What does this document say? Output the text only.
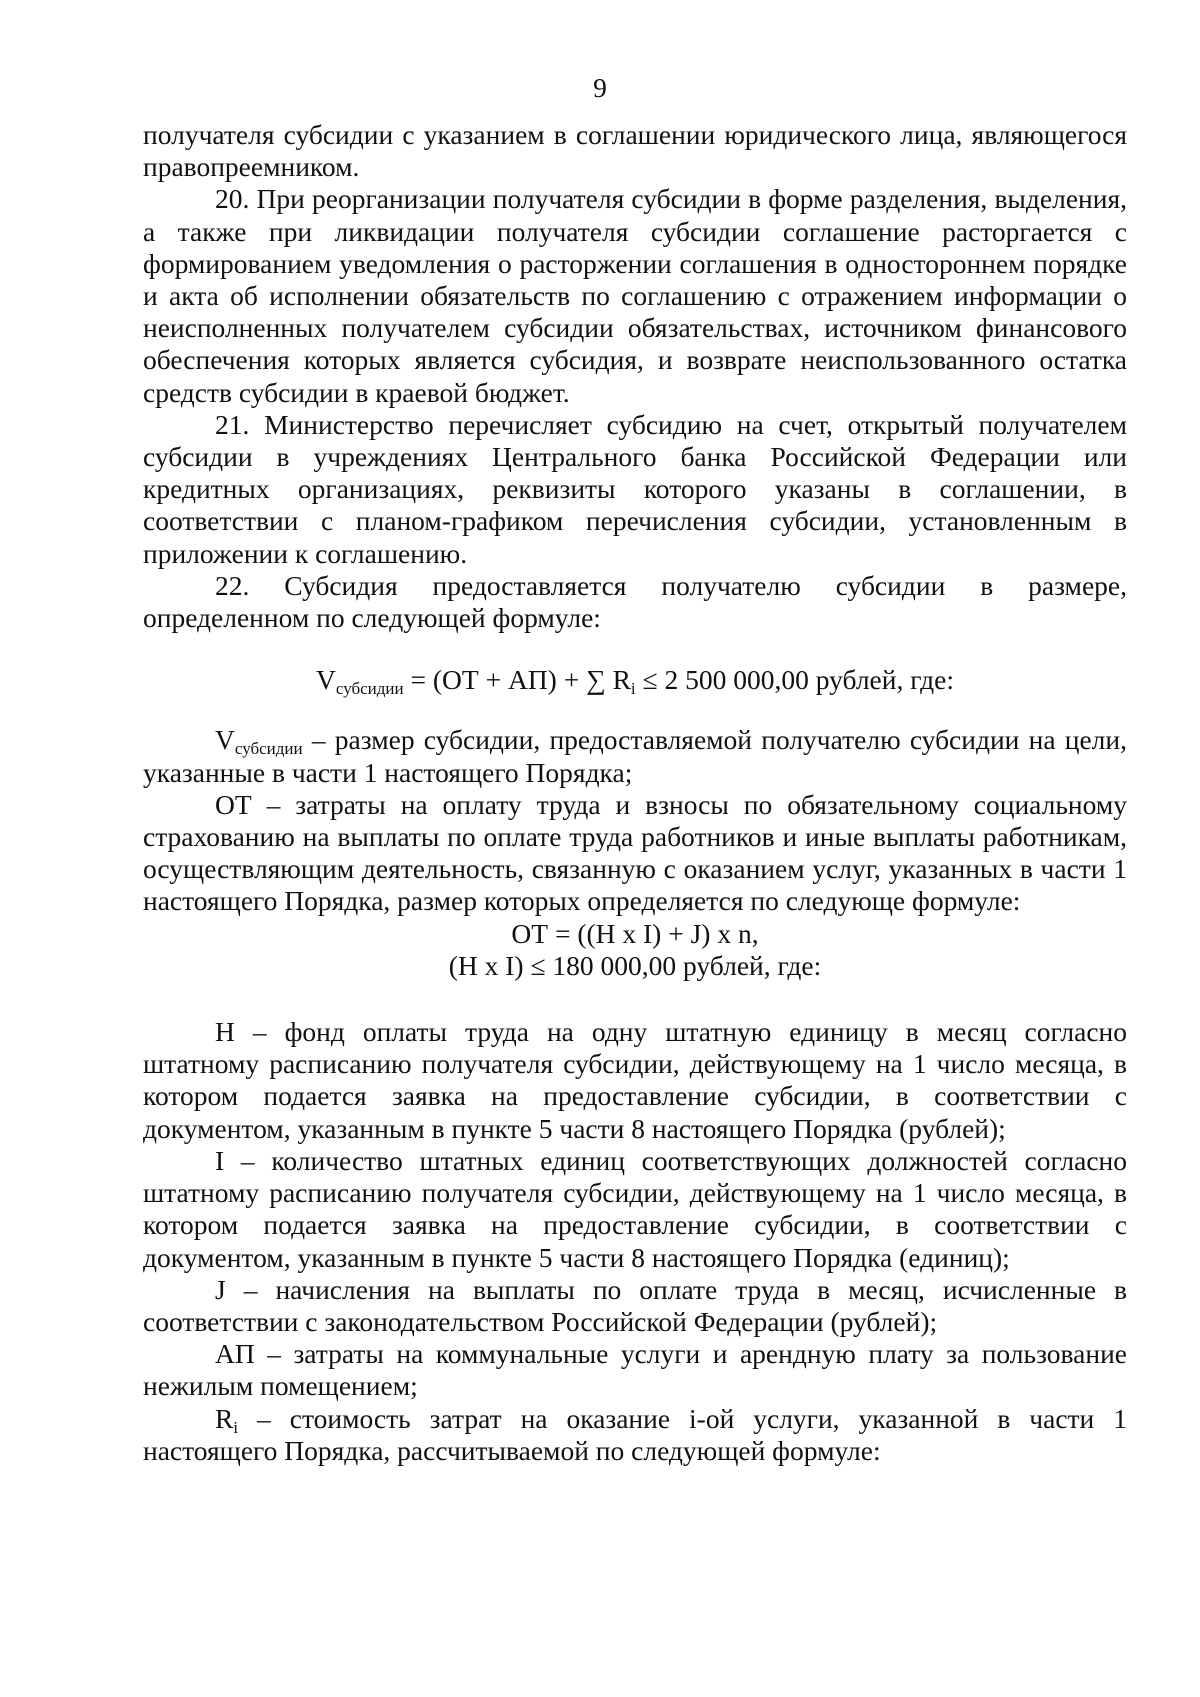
9

получателя субсидии с указанием в соглашении юридического лица, являющегося правопреемником.

20. При реорганизации получателя субсидии в форме разделения, выделения, а также при ликвидации получателя субсидии соглашение расторгается с формированием уведомления о расторжении соглашения в одностороннем порядке и акта об исполнении обязательств по соглашению с отражением информации о неисполненных получателем субсидии обязательствах, источником финансового обеспечения которых является субсидия, и возврате неиспользованного остатка средств субсидии в краевой бюджет.

21. Министерство перечисляет субсидию на счет, открытый получателем субсидии в учреждениях Центрального банка Российской Федерации или кредитных организациях, реквизиты которого указаны в соглашении, в соответствии с планом-графиком перечисления субсидии, установленным в приложении к соглашению.

22. Субсидия предоставляется получателю субсидии в размере, определенном по следующей формуле:

$V_{субсидии} = (ОТ + АП)$ + ∑ $R_i \le 2$ 500 000,00 рублей, где:

$V_{субсидии}$ – размер субсидии, предоставляемой получателю субсидии на цели, указанные в части 1 настоящего Порядка;

ОТ – затраты на оплату труда и взносы по обязательному социальному страхованию на выплаты по оплате труда работников и иные выплаты работникам, осуществляющим деятельность, связанную с оказанием услуг, указанных в части 1 настоящего Порядка, размер которых определяется по следующе формуле:

ОТ = ((H x I) + J) x n,

(H x I) ≤ 180 000,00 рублей, где:

H – фонд оплаты труда на одну штатную единицу в месяц согласно штатному расписанию получателя субсидии, действующему на 1 число месяца, в котором подается заявка на предоставление субсидии, в соответствии с документом, указанным в пункте 5 части 8 настоящего Порядка (рублей);

I – количество штатных единиц соответствующих должностей согласно штатному расписанию получателя субсидии, действующему на 1 число месяца, в котором подается заявка на предоставление субсидии, в соответствии с документом, указанным в пункте 5 части 8 настоящего Порядка (единиц);

J – начисления на выплаты по оплате труда в месяц, исчисленные в соответствии с законодательством Российской Федерации (рублей);

АП – затраты на коммунальные услуги и арендную плату за пользование нежилым помещением;

$R_i$ – стоимость затрат на оказание i-ой услуги, указанной в части 1 настоящего Порядка, рассчитываемой по следующей формуле:
